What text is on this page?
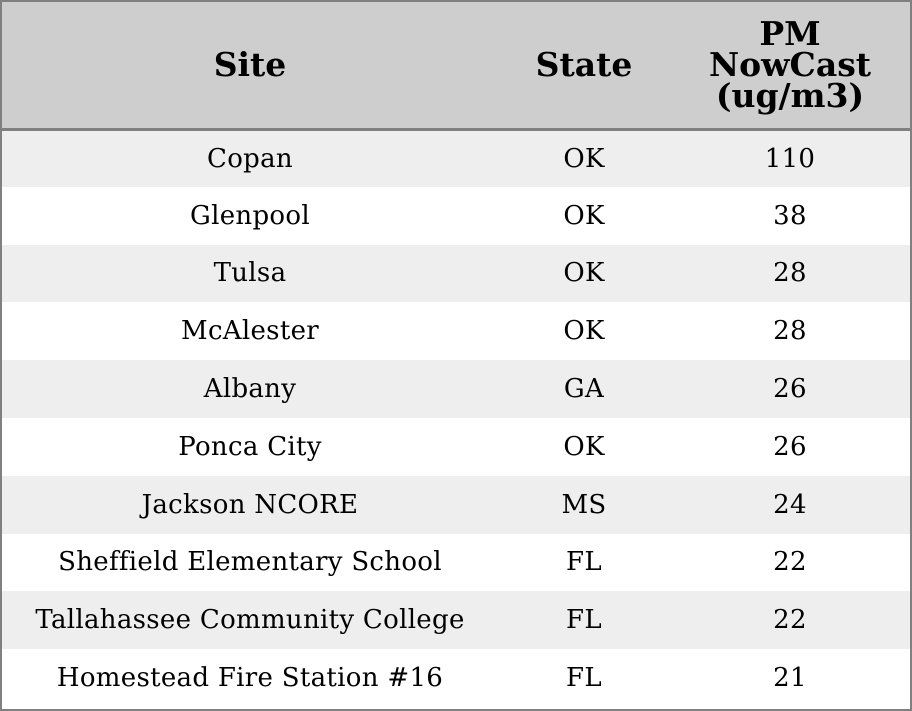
Site	State	PM
NowCast
(ug/m3)

Copan	OK	110
Glenpool	OK	38
Tulsa	OK	28
McAlester	OK	28
Albany	GA	26
Ponca City	OK	26
Jackson NCORE	MS	24
Sheffield Elementary School	FL	22
Tallahassee Community College	FL	22
Homestead Fire Station #16	FL	21
